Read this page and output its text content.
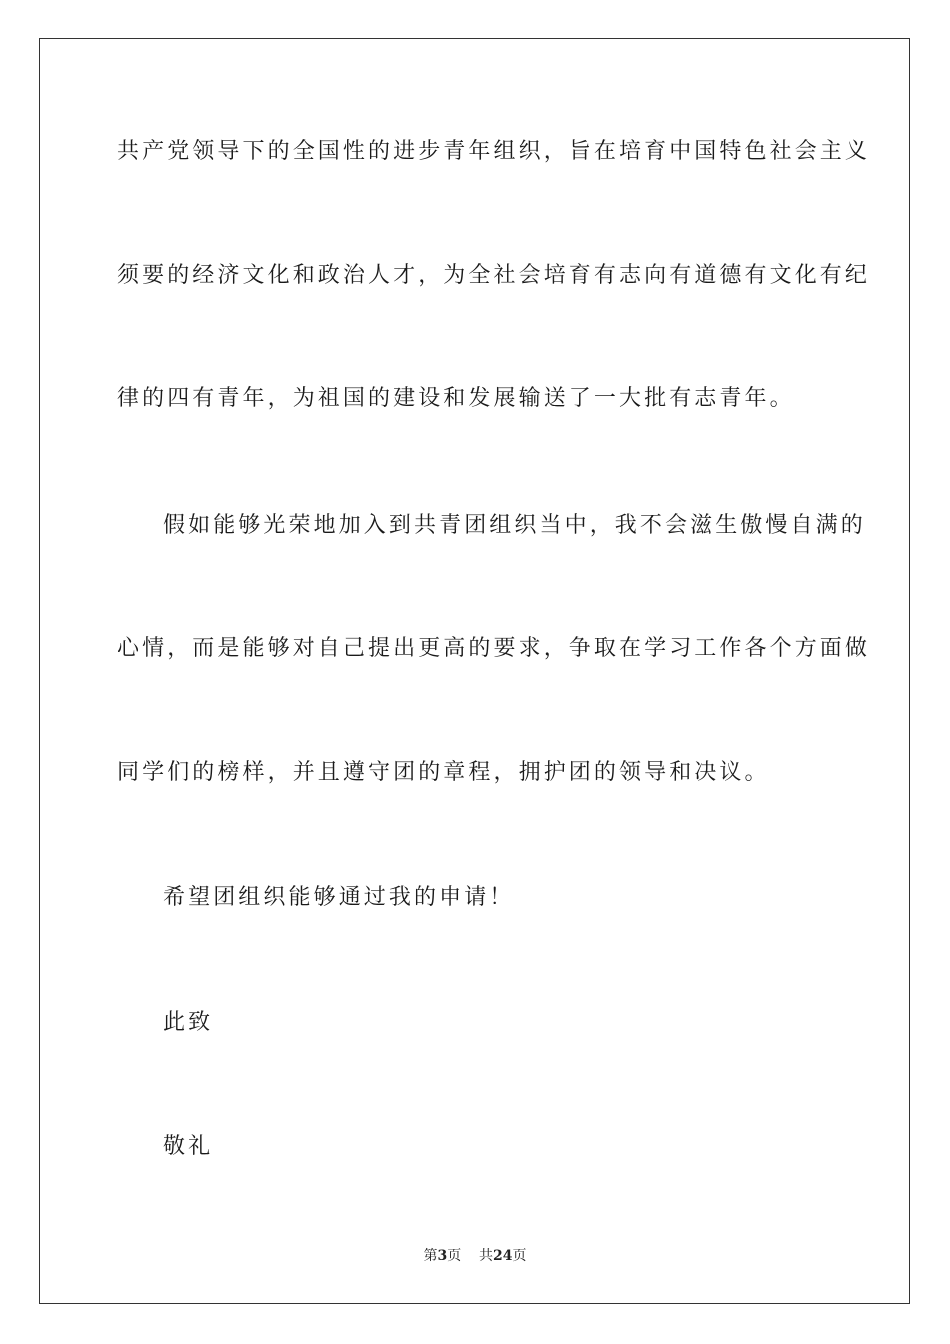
共产党领导下的全国性的进步青年组织，旨在培育中国特色社会主义
须要的经济文化和政治人才，为全社会培育有志向有道德有文化有纪
律的四有青年，为祖国的建设和发展输送了一大批有志青年。
假如能够光荣地加入到共青团组织当中，我不会滋生傲慢自满的
心情，而是能够对自己提出更高的要求，争取在学习工作各个方面做
同学们的榜样，并且遵守团的章程，拥护团的领导和决议。
希望团组织能够通过我的申请！
此致
敬礼
第3页 共24页
